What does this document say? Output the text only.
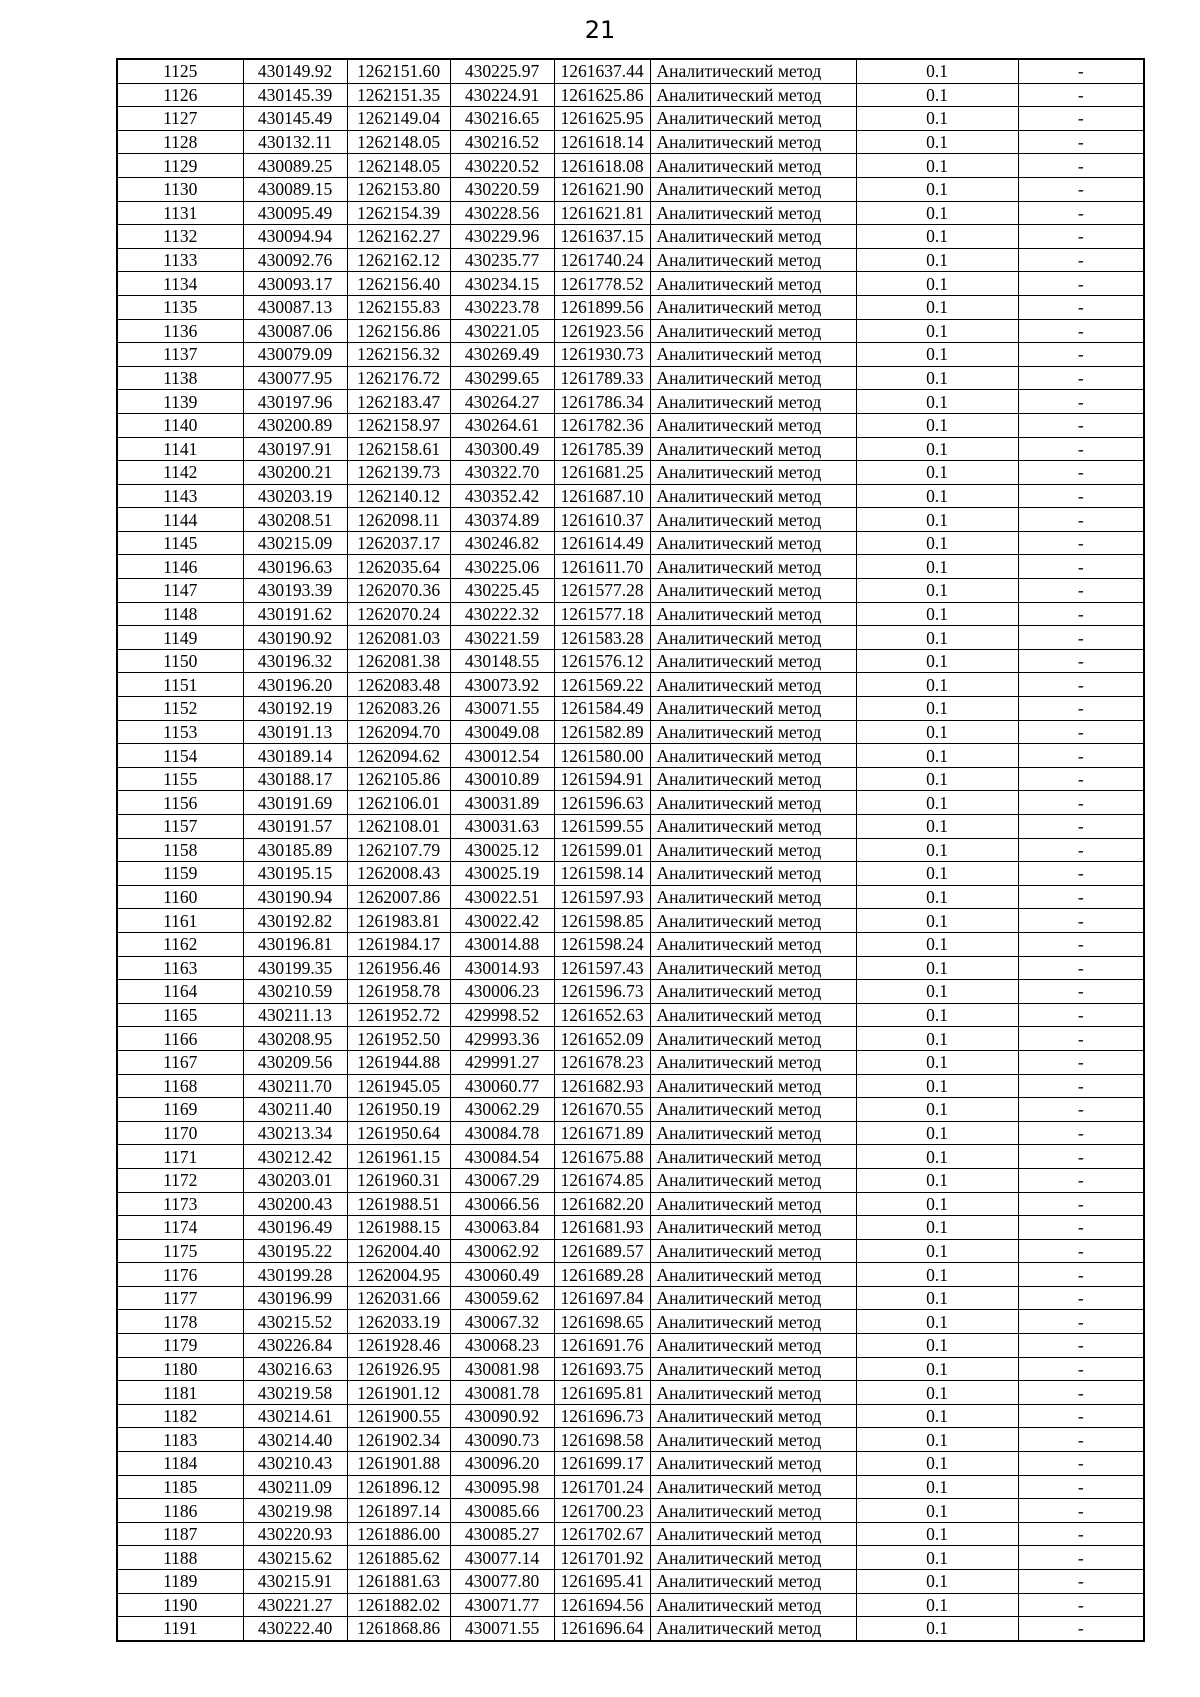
21
1125	430149.92	1262151.60	430225.97	1261637.44	Аналитический метод	0.1	-
1126	430145.39	1262151.35	430224.91	1261625.86	Аналитический метод	0.1	-
1127	430145.49	1262149.04	430216.65	1261625.95	Аналитический метод	0.1	-
1128	430132.11	1262148.05	430216.52	1261618.14	Аналитический метод	0.1	-
1129	430089.25	1262148.05	430220.52	1261618.08	Аналитический метод	0.1	-
1130	430089.15	1262153.80	430220.59	1261621.90	Аналитический метод	0.1	-
1131	430095.49	1262154.39	430228.56	1261621.81	Аналитический метод	0.1	-
1132	430094.94	1262162.27	430229.96	1261637.15	Аналитический метод	0.1	-
1133	430092.76	1262162.12	430235.77	1261740.24	Аналитический метод	0.1	-
1134	430093.17	1262156.40	430234.15	1261778.52	Аналитический метод	0.1	-
1135	430087.13	1262155.83	430223.78	1261899.56	Аналитический метод	0.1	-
1136	430087.06	1262156.86	430221.05	1261923.56	Аналитический метод	0.1	-
1137	430079.09	1262156.32	430269.49	1261930.73	Аналитический метод	0.1	-
1138	430077.95	1262176.72	430299.65	1261789.33	Аналитический метод	0.1	-
1139	430197.96	1262183.47	430264.27	1261786.34	Аналитический метод	0.1	-
1140	430200.89	1262158.97	430264.61	1261782.36	Аналитический метод	0.1	-
1141	430197.91	1262158.61	430300.49	1261785.39	Аналитический метод	0.1	-
1142	430200.21	1262139.73	430322.70	1261681.25	Аналитический метод	0.1	-
1143	430203.19	1262140.12	430352.42	1261687.10	Аналитический метод	0.1	-
1144	430208.51	1262098.11	430374.89	1261610.37	Аналитический метод	0.1	-
1145	430215.09	1262037.17	430246.82	1261614.49	Аналитический метод	0.1	-
1146	430196.63	1262035.64	430225.06	1261611.70	Аналитический метод	0.1	-
1147	430193.39	1262070.36	430225.45	1261577.28	Аналитический метод	0.1	-
1148	430191.62	1262070.24	430222.32	1261577.18	Аналитический метод	0.1	-
1149	430190.92	1262081.03	430221.59	1261583.28	Аналитический метод	0.1	-
1150	430196.32	1262081.38	430148.55	1261576.12	Аналитический метод	0.1	-
1151	430196.20	1262083.48	430073.92	1261569.22	Аналитический метод	0.1	-
1152	430192.19	1262083.26	430071.55	1261584.49	Аналитический метод	0.1	-
1153	430191.13	1262094.70	430049.08	1261582.89	Аналитический метод	0.1	-
1154	430189.14	1262094.62	430012.54	1261580.00	Аналитический метод	0.1	-
1155	430188.17	1262105.86	430010.89	1261594.91	Аналитический метод	0.1	-
1156	430191.69	1262106.01	430031.89	1261596.63	Аналитический метод	0.1	-
1157	430191.57	1262108.01	430031.63	1261599.55	Аналитический метод	0.1	-
1158	430185.89	1262107.79	430025.12	1261599.01	Аналитический метод	0.1	-
1159	430195.15	1262008.43	430025.19	1261598.14	Аналитический метод	0.1	-
1160	430190.94	1262007.86	430022.51	1261597.93	Аналитический метод	0.1	-
1161	430192.82	1261983.81	430022.42	1261598.85	Аналитический метод	0.1	-
1162	430196.81	1261984.17	430014.88	1261598.24	Аналитический метод	0.1	-
1163	430199.35	1261956.46	430014.93	1261597.43	Аналитический метод	0.1	-
1164	430210.59	1261958.78	430006.23	1261596.73	Аналитический метод	0.1	-
1165	430211.13	1261952.72	429998.52	1261652.63	Аналитический метод	0.1	-
1166	430208.95	1261952.50	429993.36	1261652.09	Аналитический метод	0.1	-
1167	430209.56	1261944.88	429991.27	1261678.23	Аналитический метод	0.1	-
1168	430211.70	1261945.05	430060.77	1261682.93	Аналитический метод	0.1	-
1169	430211.40	1261950.19	430062.29	1261670.55	Аналитический метод	0.1	-
1170	430213.34	1261950.64	430084.78	1261671.89	Аналитический метод	0.1	-
1171	430212.42	1261961.15	430084.54	1261675.88	Аналитический метод	0.1	-
1172	430203.01	1261960.31	430067.29	1261674.85	Аналитический метод	0.1	-
1173	430200.43	1261988.51	430066.56	1261682.20	Аналитический метод	0.1	-
1174	430196.49	1261988.15	430063.84	1261681.93	Аналитический метод	0.1	-
1175	430195.22	1262004.40	430062.92	1261689.57	Аналитический метод	0.1	-
1176	430199.28	1262004.95	430060.49	1261689.28	Аналитический метод	0.1	-
1177	430196.99	1262031.66	430059.62	1261697.84	Аналитический метод	0.1	-
1178	430215.52	1262033.19	430067.32	1261698.65	Аналитический метод	0.1	-
1179	430226.84	1261928.46	430068.23	1261691.76	Аналитический метод	0.1	-
1180	430216.63	1261926.95	430081.98	1261693.75	Аналитический метод	0.1	-
1181	430219.58	1261901.12	430081.78	1261695.81	Аналитический метод	0.1	-
1182	430214.61	1261900.55	430090.92	1261696.73	Аналитический метод	0.1	-
1183	430214.40	1261902.34	430090.73	1261698.58	Аналитический метод	0.1	-
1184	430210.43	1261901.88	430096.20	1261699.17	Аналитический метод	0.1	-
1185	430211.09	1261896.12	430095.98	1261701.24	Аналитический метод	0.1	-
1186	430219.98	1261897.14	430085.66	1261700.23	Аналитический метод	0.1	-
1187	430220.93	1261886.00	430085.27	1261702.67	Аналитический метод	0.1	-
1188	430215.62	1261885.62	430077.14	1261701.92	Аналитический метод	0.1	-
1189	430215.91	1261881.63	430077.80	1261695.41	Аналитический метод	0.1	-
1190	430221.27	1261882.02	430071.77	1261694.56	Аналитический метод	0.1	-
1191	430222.40	1261868.86	430071.55	1261696.64	Аналитический метод	0.1	-
